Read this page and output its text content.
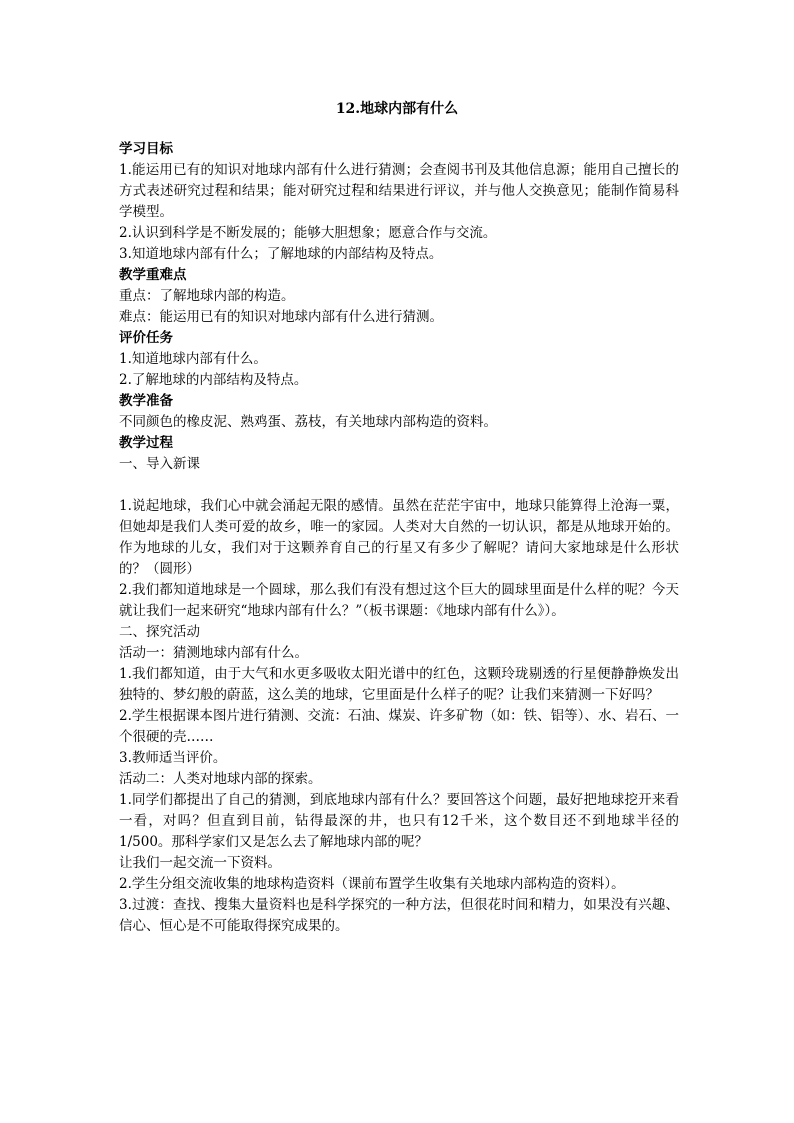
12.地球内部有什么

学习目标

1.能运用已有的知识对地球内部有什么进行猜测；会查阅书刊及其他信息源；能用自己擅长的方式表述研究过程和结果；能对研究过程和结果进行评议，并与他人交换意见；能制作简易科学模型。

2.认识到科学是不断发展的；能够大胆想象；愿意合作与交流。

3.知道地球内部有什么；了解地球的内部结构及特点。

教学重难点

重点：了解地球内部的构造。

难点：能运用已有的知识对地球内部有什么进行猜测。

评价任务

1.知道地球内部有什么。

2.了解地球的内部结构及特点。

教学准备

不同颜色的橡皮泥、熟鸡蛋、荔枝，有关地球内部构造的资料。

教学过程

一、导入新课

1.说起地球，我们心中就会涌起无限的感情。虽然在茫茫宇宙中，地球只能算得上沧海一粟，但她却是我们人类可爱的故乡，唯一的家园。人类对大自然的一切认识，都是从地球开始的。作为地球的儿女，我们对于这颗养育自己的行星又有多少了解呢？请问大家地球是什么形状的？（圆形）

2.我们都知道地球是一个圆球，那么我们有没有想过这个巨大的圆球里面是什么样的呢？今天就让我们一起来研究“地球内部有什么？”（板书课题：《地球内部有什么》）。

二、探究活动

活动一：猜测地球内部有什么。

1.我们都知道，由于大气和水更多吸收太阳光谱中的红色，这颗玲珑剔透的行星便静静焕发出独特的、梦幻般的蔚蓝，这么美的地球，它里面是什么样子的呢？让我们来猜测一下好吗？

2.学生根据课本图片进行猜测、交流：石油、煤炭、许多矿物（如：铁、铝等）、水、岩石、一个很硬的壳……

3.教师适当评价。

活动二：人类对地球内部的探索。

1.同学们都提出了自己的猜测，到底地球内部有什么？要回答这个问题，最好把地球挖开来看一看，对吗？但直到目前，钻得最深的井，也只有12千米，这个数目还不到地球半径的1/500。那科学家们又是怎么去了解地球内部的呢？

让我们一起交流一下资料。

2.学生分组交流收集的地球构造资料（课前布置学生收集有关地球内部构造的资料）。

3.过渡：查找、搜集大量资料也是科学探究的一种方法，但很花时间和精力，如果没有兴趣、信心、恒心是不可能取得探究成果的。
